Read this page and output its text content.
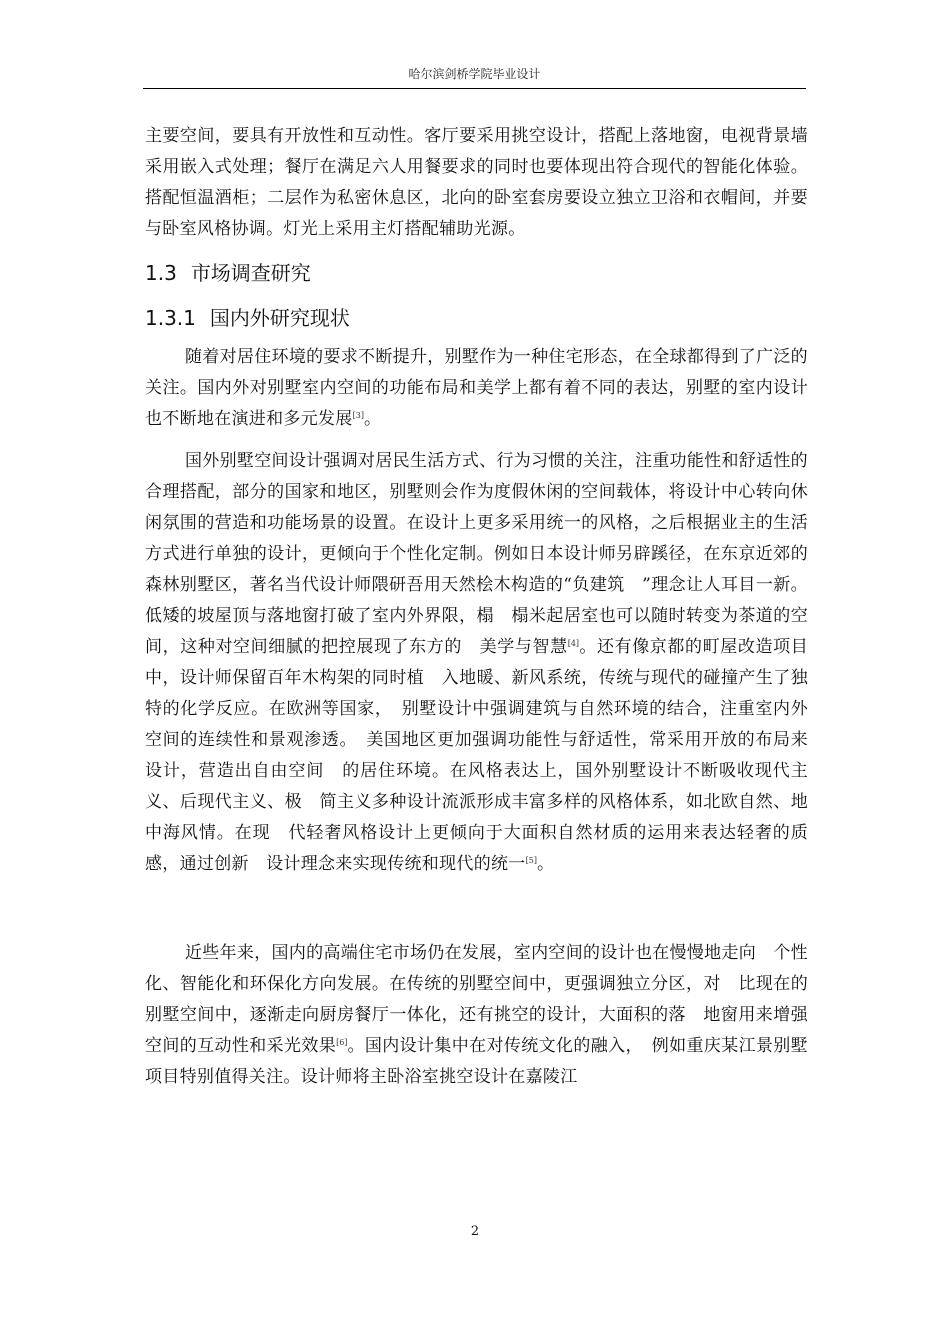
哈尔滨剑桥学院毕业设计

主要空间，要具有开放性和互动性。客厅要采用挑空设计，搭配上落地窗，电视背景墙采用嵌入式处理；餐厅在满足六人用餐要求的同时也要体现出符合现代的智能化体验。搭配恒温酒柜；二层作为私密休息区，北向的卧室套房要设立独立卫浴和衣帽间，并要与卧室风格协调。灯光上采用主灯搭配辅助光源。

1.3 市场调查研究
1.3.1 国内外研究现状

随着对居住环境的要求不断提升，别墅作为一种住宅形态，在全球都得到了广泛的关注。国内外对别墅室内空间的功能布局和美学上都有着不同的表达，别墅的室内设计也不断地在演进和多元发展[3]。

国外别墅空间设计强调对居民生活方式、行为习惯的关注，注重功能性和舒适性的合理搭配，部分的国家和地区，别墅则会作为度假休闲的空间载体，将设计中心转向休闲氛围的营造和功能场景的设置。在设计上更多采用统一的风格，之后根据业主的生活方式进行单独的设计，更倾向于个性化定制。例如日本设计师另辟蹊径，在东京近郊的森林别墅区，著名当代设计师隈研吾用天然桧木构造的“负建筑　”理念让人耳目一新。低矮的坡屋顶与落地窗打破了室内外界限，榻　榻米起居室也可以随时转变为茶道的空间，这种对空间细腻的把控展现了东方的　美学与智慧[4]。还有像京都的町屋改造项目中，设计师保留百年木构架的同时植　入地暖、新风系统，传统与现代的碰撞产生了独特的化学反应。在欧洲等国家，　别墅设计中强调建筑与自然环境的结合，注重室内外空间的连续性和景观渗透。　美国地区更加强调功能性与舒适性，常采用开放的布局来设计，营造出自由空间　的居住环境。在风格表达上，国外别墅设计不断吸收现代主义、后现代主义、极　简主义多种设计流派形成丰富多样的风格体系，如北欧自然、地中海风情。在现　代轻奢风格设计上更倾向于大面积自然材质的运用来表达轻奢的质感，通过创新　设计理念来实现传统和现代的统一[5]。

近些年来，国内的高端住宅市场仍在发展，室内空间的设计也在慢慢地走向　个性化、智能化和环保化方向发展。在传统的别墅空间中，更强调独立分区，对　比现在的别墅空间中，逐渐走向厨房餐厅一体化，还有挑空的设计，大面积的落　地窗用来增强空间的互动性和采光效果[6]。国内设计集中在对传统文化的融入，　例如重庆某江景别墅项目特别值得关注。设计师将主卧浴室挑空设计在嘉陵江

2
